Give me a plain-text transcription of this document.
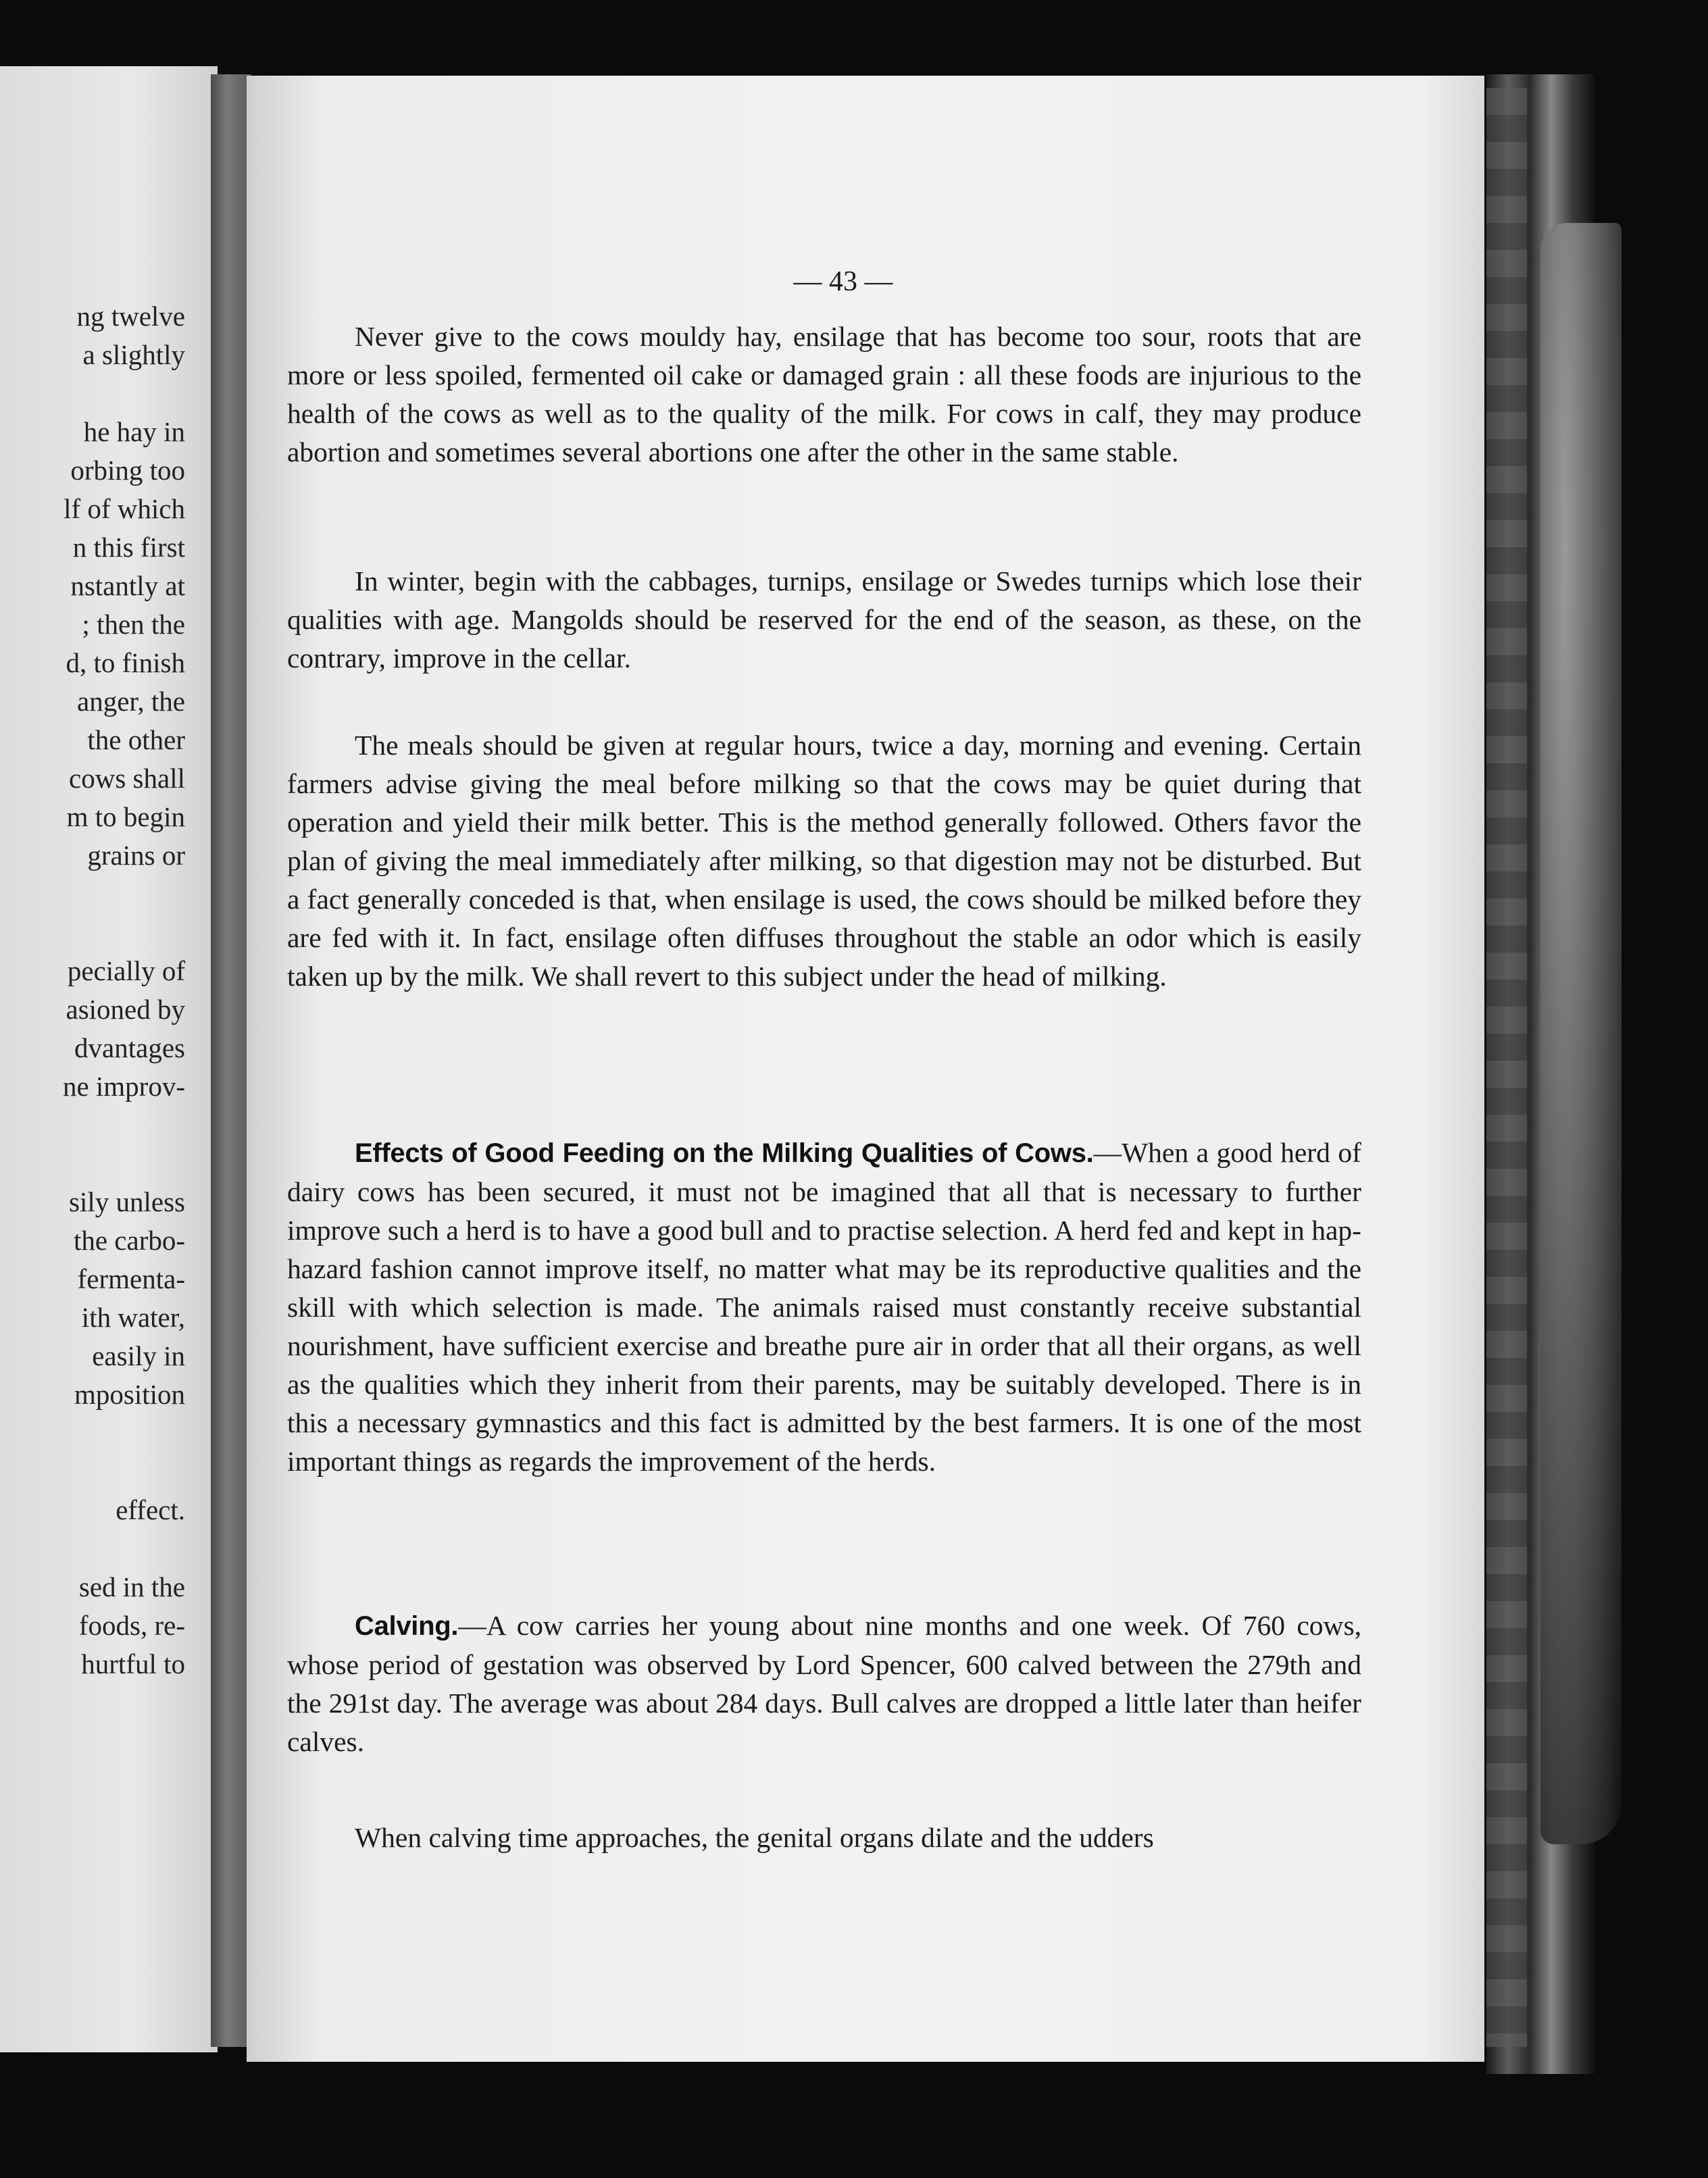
ng twelve
a slightly
he hay in
orbing too
lf of which
n this first
nstantly at
; then the
d, to finish
anger, the
the other
cows shall
m to begin
grains or
pecially of
asioned by
dvantages
ne improv-
sily unless
the carbo-
fermenta-
ith water,
easily in
mposition
effect.
sed in the
foods, re-
hurtful to
— 43 —
Never give to the cows mouldy hay, ensilage that has become too sour, roots that are more or less spoiled, fermented oil cake or damaged grain : all these foods are injurious to the health of the cows as well as to the quality of the milk. For cows in calf, they may produce abortion and sometimes several abortions one after the other in the same stable.
In winter, begin with the cabbages, turnips, ensilage or Swedes turnips which lose their qualities with age. Mangolds should be reserved for the end of the season, as these, on the contrary, improve in the cellar.
The meals should be given at regular hours, twice a day, morning and evening. Certain farmers advise giving the meal before milking so that the cows may be quiet during that operation and yield their milk better. This is the method generally followed. Others favor the plan of giving the meal immediately after milking, so that digestion may not be disturbed. But a fact generally conceded is that, when ensilage is used, the cows should be milked before they are fed with it. In fact, ensilage often diffuses throughout the stable an odor which is easily taken up by the milk. We shall revert to this subject under the head of milking.
Effects of Good Feeding on the Milking Qualities of Cows.—When a good herd of dairy cows has been secured, it must not be imagined that all that is necessary to further improve such a herd is to have a good bull and to practise selection. A herd fed and kept in hap-hazard fashion cannot improve itself, no matter what may be its reproductive qualities and the skill with which selection is made. The animals raised must constantly receive substantial nourishment, have sufficient exercise and breathe pure air in order that all their organs, as well as the qualities which they inherit from their parents, may be suitably developed. There is in this a necessary gymnastics and this fact is admitted by the best farmers. It is one of the most important things as regards the improvement of the herds.
Calving.—A cow carries her young about nine months and one week. Of 760 cows, whose period of gestation was observed by Lord Spencer, 600 calved between the 279th and the 291st day. The average was about 284 days. Bull calves are dropped a little later than heifer calves.
When calving time approaches, the genital organs dilate and the udders
